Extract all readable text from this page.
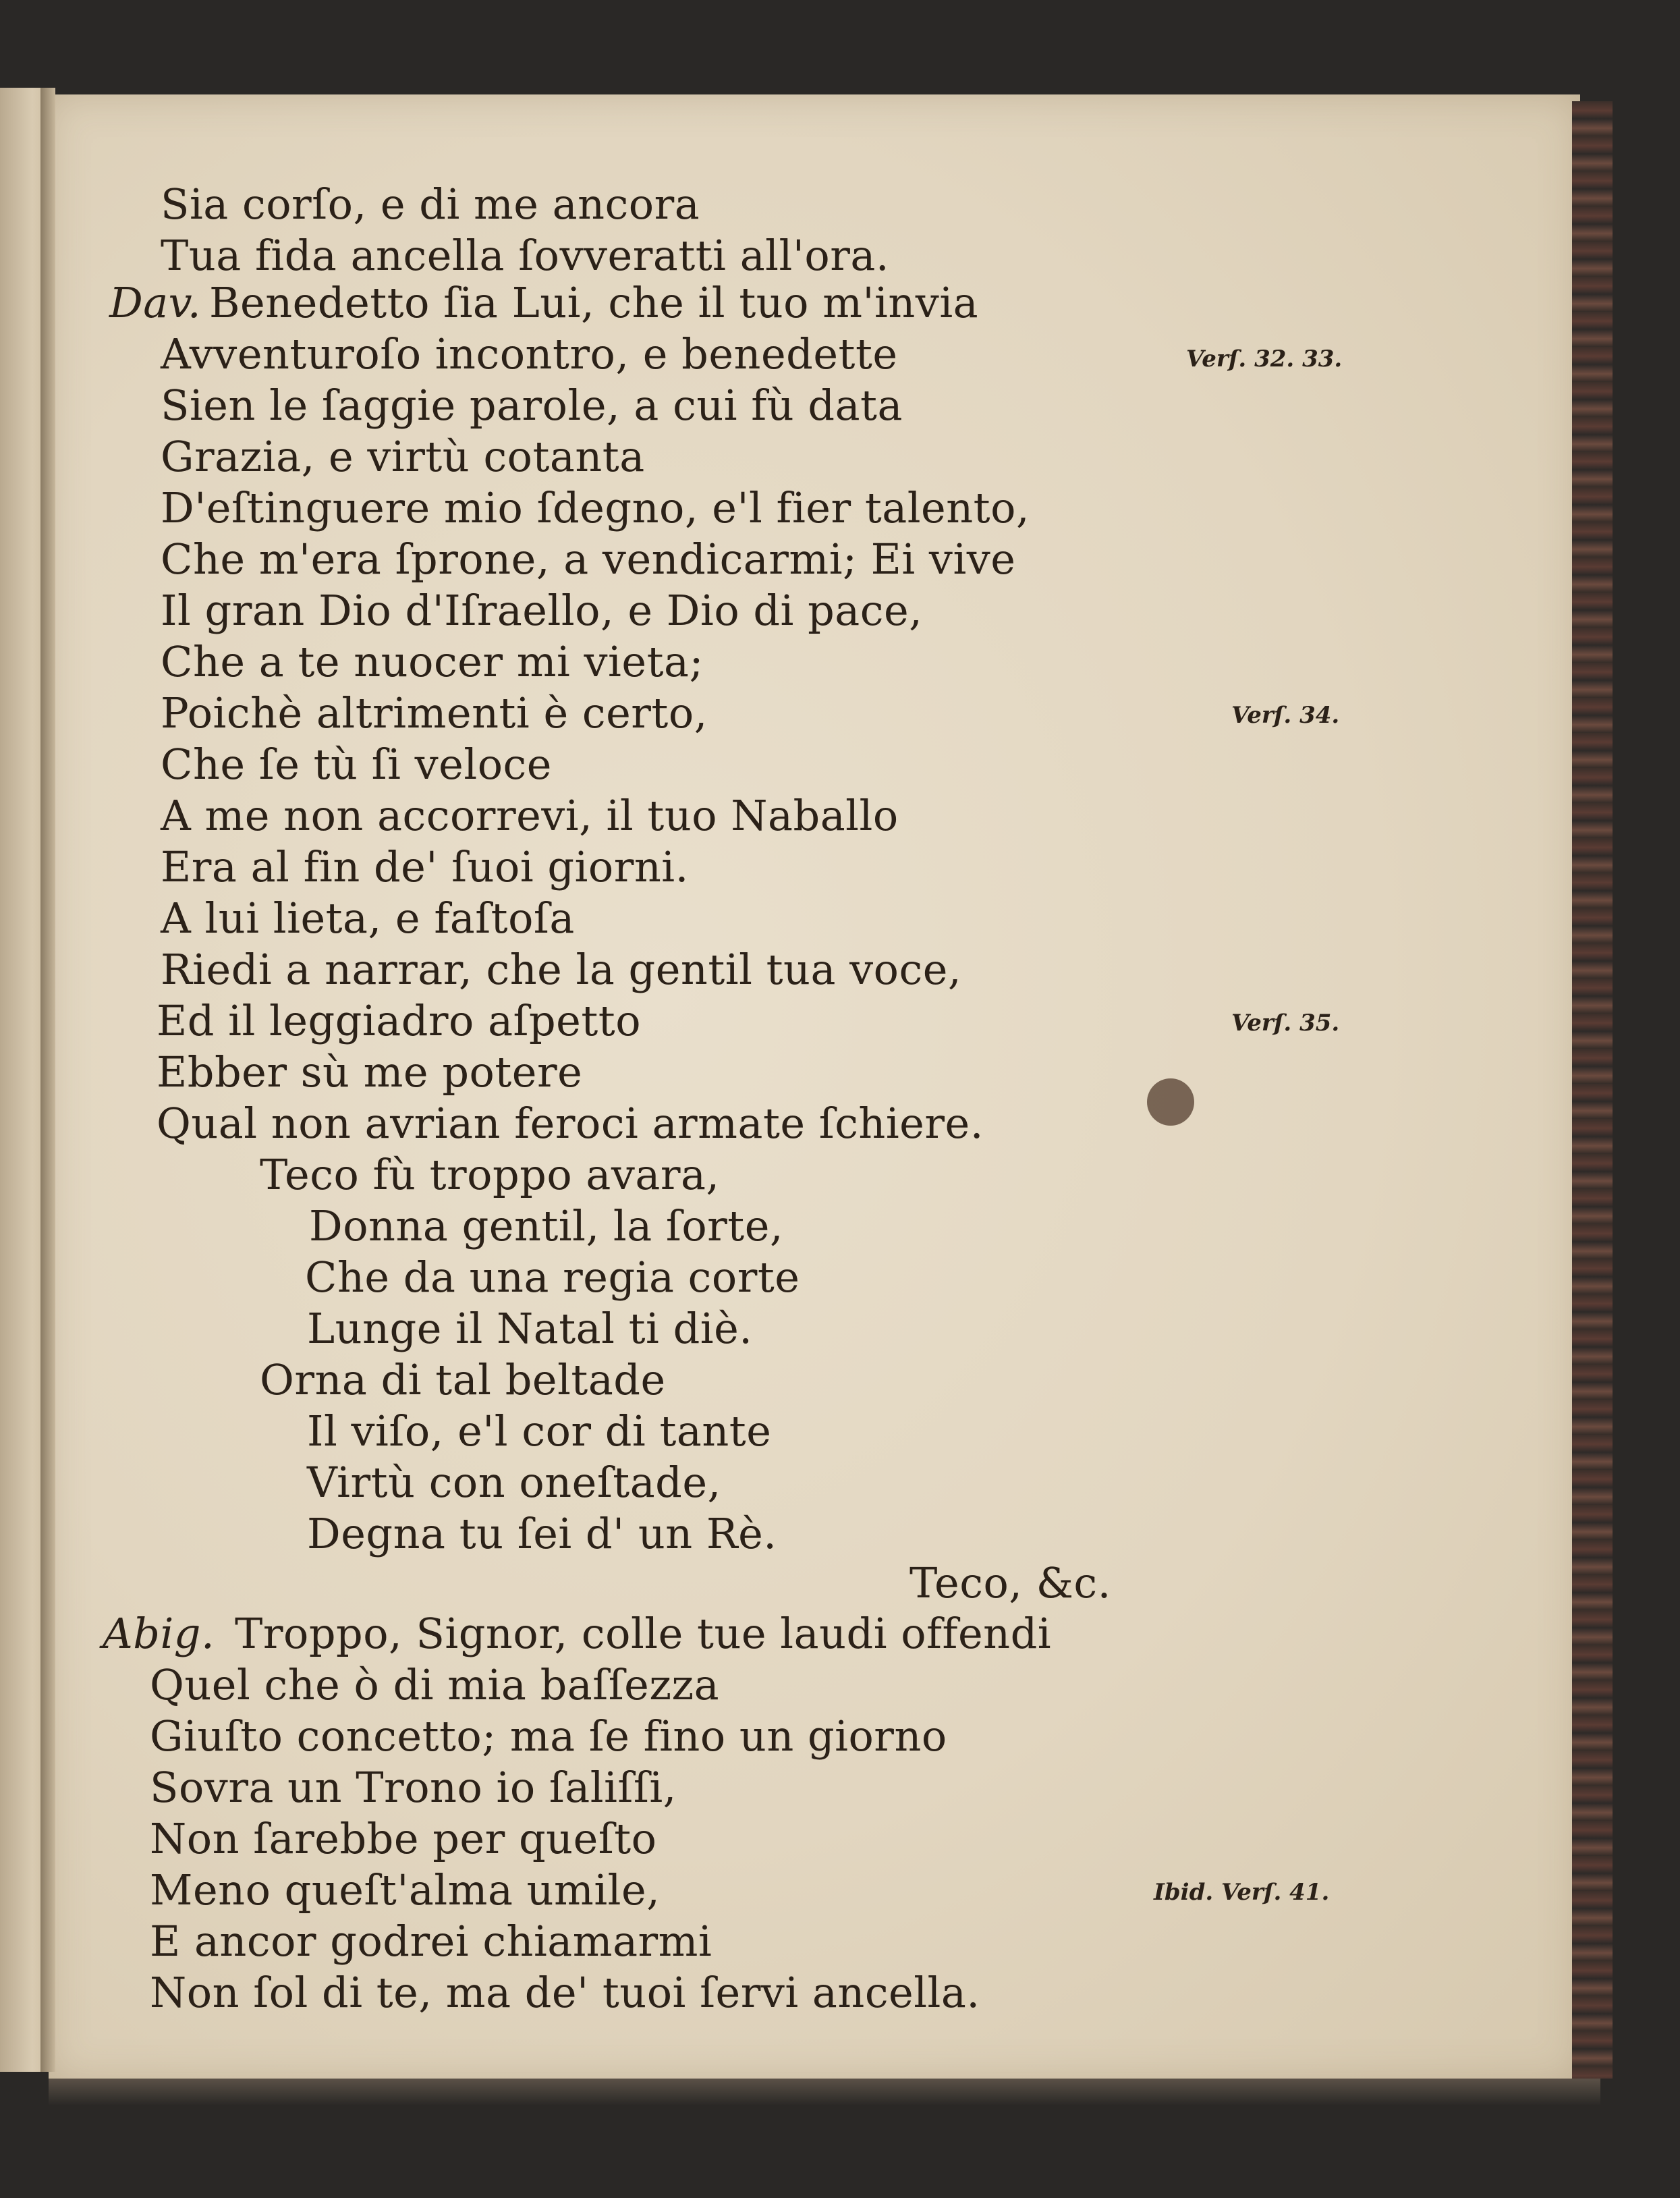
Dav.
Abig.
Sia corſo, e di me ancora
Tua fida ancella ſovveratti all'ora.
Benedetto ſia Lui, che il tuo m'invia
Avventuroſo incontro, e benedette
Sien le ſaggie parole, a cui fù data
Grazia, e virtù cotanta
D'eſtinguere mio ſdegno, e'l fier talento,
Che m'era ſprone, a vendicarmi; Ei vive
Il gran Dio d'Iſraello, e Dio di pace,
Che a te nuocer mi vieta;
Poichè altrimenti è certo,
Che ſe tù ſi veloce
A me non accorrevi, il tuo Naballo
Era al fin de' ſuoi giorni.
A lui lieta, e faſtoſa
Riedi a narrar, che la gentil tua voce,
Ed il leggiadro aſpetto
Ebber sù me potere
Qual non avrian feroci armate ſchiere.
Teco fù troppo avara,
Donna gentil, la ſorte,
Che da una regia corte
Lunge il Natal ti diè.
Orna di tal beltade
Il viſo, e'l cor di tante
Virtù con oneſtade,
Degna tu ſei d' un Rè.
Teco, &c.
Troppo, Signor, colle tue laudi offendi
Quel che ò di mia baſſezza
Giuſto concetto; ma ſe fino un giorno
Sovra un Trono io ſaliſſi,
Non ſarebbe per queſto
Meno queſt'alma umile,
E ancor godrei chiamarmi
Non ſol di te, ma de' tuoi ſervi ancella.
Verſ. 32. 33.
Verſ. 34.
Verſ. 35.
Ibid. Verſ. 41.
